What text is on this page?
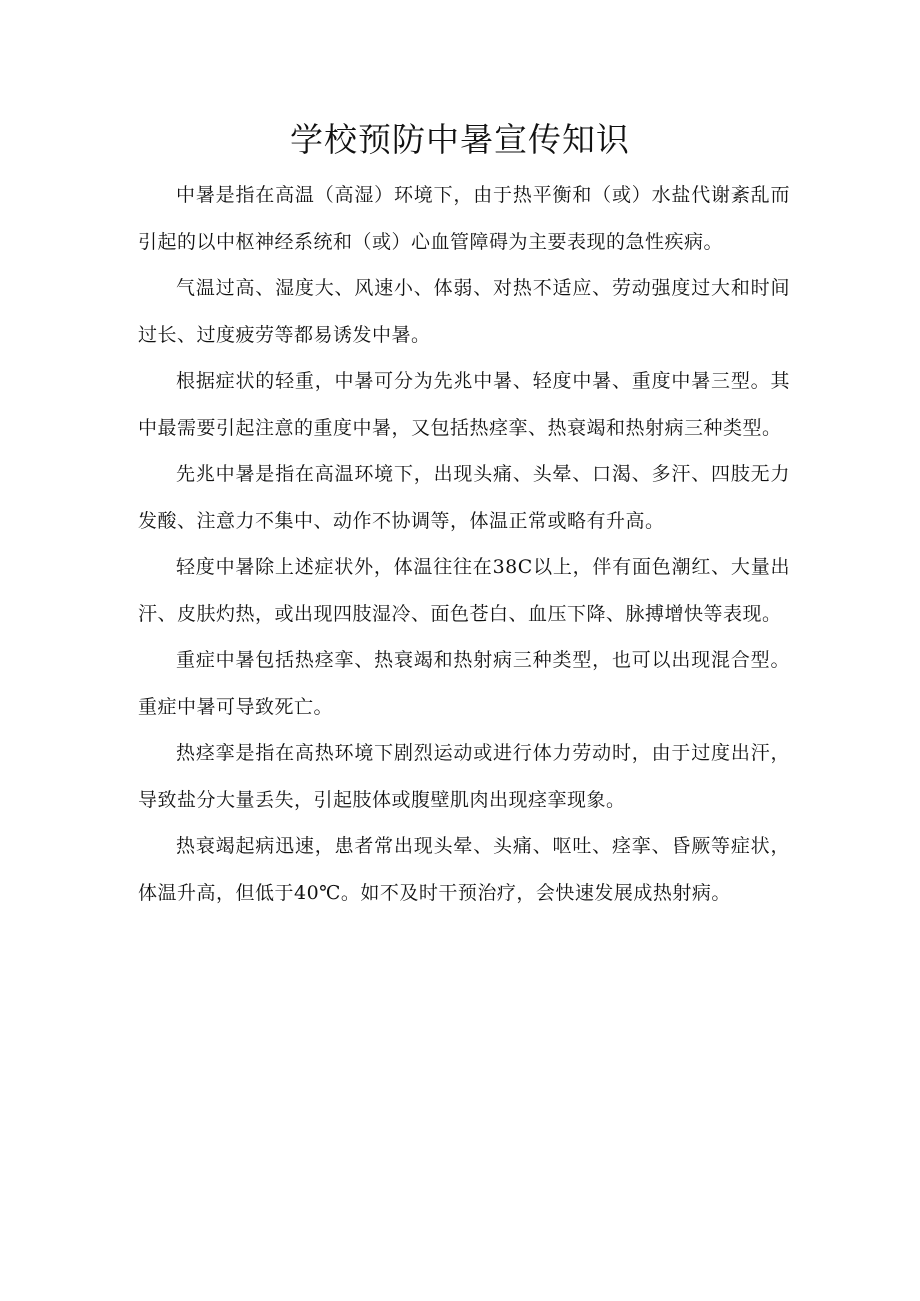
学校预防中暑宣传知识

中暑是指在高温（高湿）环境下，由于热平衡和（或）水盐代谢紊乱而引起的以中枢神经系统和（或）心血管障碍为主要表现的急性疾病。

气温过高、湿度大、风速小、体弱、对热不适应、劳动强度过大和时间过长、过度疲劳等都易诱发中暑。

根据症状的轻重，中暑可分为先兆中暑、轻度中暑、重度中暑三型。其中最需要引起注意的重度中暑，又包括热痉挛、热衰竭和热射病三种类型。

先兆中暑是指在高温环境下，出现头痛、头晕、口渴、多汗、四肢无力发酸、注意力不集中、动作不协调等，体温正常或略有升高。

轻度中暑除上述症状外，体温往往在38C以上，伴有面色潮红、大量出汗、皮肤灼热，或出现四肢湿冷、面色苍白、血压下降、脉搏增快等表现。

重症中暑包括热痉挛、热衰竭和热射病三种类型，也可以出现混合型。重症中暑可导致死亡。

热痉挛是指在高热环境下剧烈运动或进行体力劳动时，由于过度出汗，导致盐分大量丢失，引起肢体或腹壁肌肉出现痉挛现象。

热衰竭起病迅速，患者常出现头晕、头痛、呕吐、痉挛、昏厥等症状，体温升高，但低于40℃。如不及时干预治疗，会快速发展成热射病。
